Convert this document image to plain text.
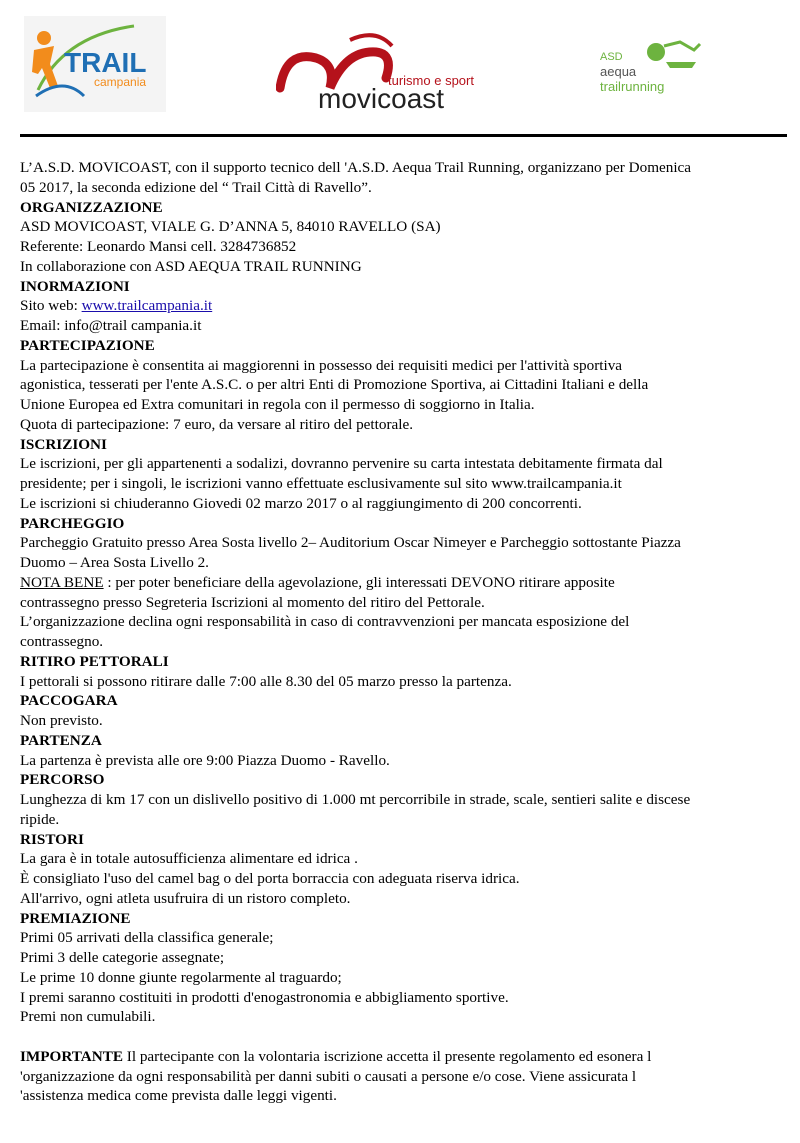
TRAIL
campania	turismo e sport
movicoast
ASD
aequa
trailrunning

L’A.S.D. MOVICOAST, con il supporto tecnico dell 'A.S.D. Aequa Trail Running, organizzano per Domenica

05 2017, la seconda edizione del “ Trail Città di Ravello”.

ORGANIZZAZIONE

ASD MOVICOAST, VIALE G. D’ANNA 5, 84010 RAVELLO (SA)

Referente: Leonardo Mansi cell. 3284736852

In collaborazione con ASD AEQUA TRAIL RUNNING

INORMAZIONI

Sito web: www.trailcampania.it

Email: info@trail campania.it

PARTECIPAZIONE

La partecipazione è consentita ai maggiorenni in possesso dei requisiti medici per l'attività sportiva

agonistica, tesserati per l'ente A.S.C. o per altri Enti di Promozione Sportiva, ai Cittadini Italiani e della

Unione Europea ed Extra comunitari in regola con il permesso di soggiorno in Italia.

Quota di partecipazione: 7 euro, da versare al ritiro del pettorale.

ISCRIZIONI

Le iscrizioni, per gli appartenenti a sodalizi, dovranno pervenire su carta intestata debitamente firmata dal

presidente; per i singoli, le iscrizioni vanno effettuate esclusivamente sul sito www.trailcampania.it

Le iscrizioni si chiuderanno Giovedi 02 marzo 2017 o al raggiungimento di 200 concorrenti.

PARCHEGGIO

Parcheggio Gratuito presso Area Sosta livello 2– Auditorium Oscar Nimeyer e Parcheggio sottostante Piazza

Duomo – Area Sosta Livello 2.

NOTA BENE : per poter beneficiare della agevolazione, gli interessati DEVONO ritirare apposite

contrassegno presso Segreteria Iscrizioni al momento del ritiro del Pettorale.

L’organizzazione declina ogni responsabilità in caso di contravvenzioni per mancata esposizione del

contrassegno.

RITIRO PETTORALI

I pettorali si possono ritirare dalle 7:00 alle 8.30 del 05 marzo presso la partenza.

PACCOGARA

Non previsto.

PARTENZA

La partenza è prevista alle ore 9:00 Piazza Duomo - Ravello.

PERCORSO

Lunghezza di km 17 con un dislivello positivo di 1.000 mt percorribile in strade, scale, sentieri salite e discese

ripide.

RISTORI

La gara è in totale autosufficienza alimentare ed idrica .

È consigliato l'uso del camel bag o del porta borraccia con adeguata riserva idrica.

All'arrivo, ogni atleta usufruira di un ristoro completo.

PREMIAZIONE

Primi 05 arrivati della classifica generale;

Primi 3 delle categorie assegnate;

Le prime 10 donne giunte regolarmente al traguardo;

I premi saranno costituiti in prodotti d'enogastronomia e abbigliamento sportive.

Premi non cumulabili.

IMPORTANTE Il partecipante con la volontaria iscrizione accetta il presente regolamento ed esonera l

'organizzazione da ogni responsabilità per danni subiti o causati a persone e/o cose. Viene assicurata l

'assistenza medica come prevista dalle leggi vigenti.
